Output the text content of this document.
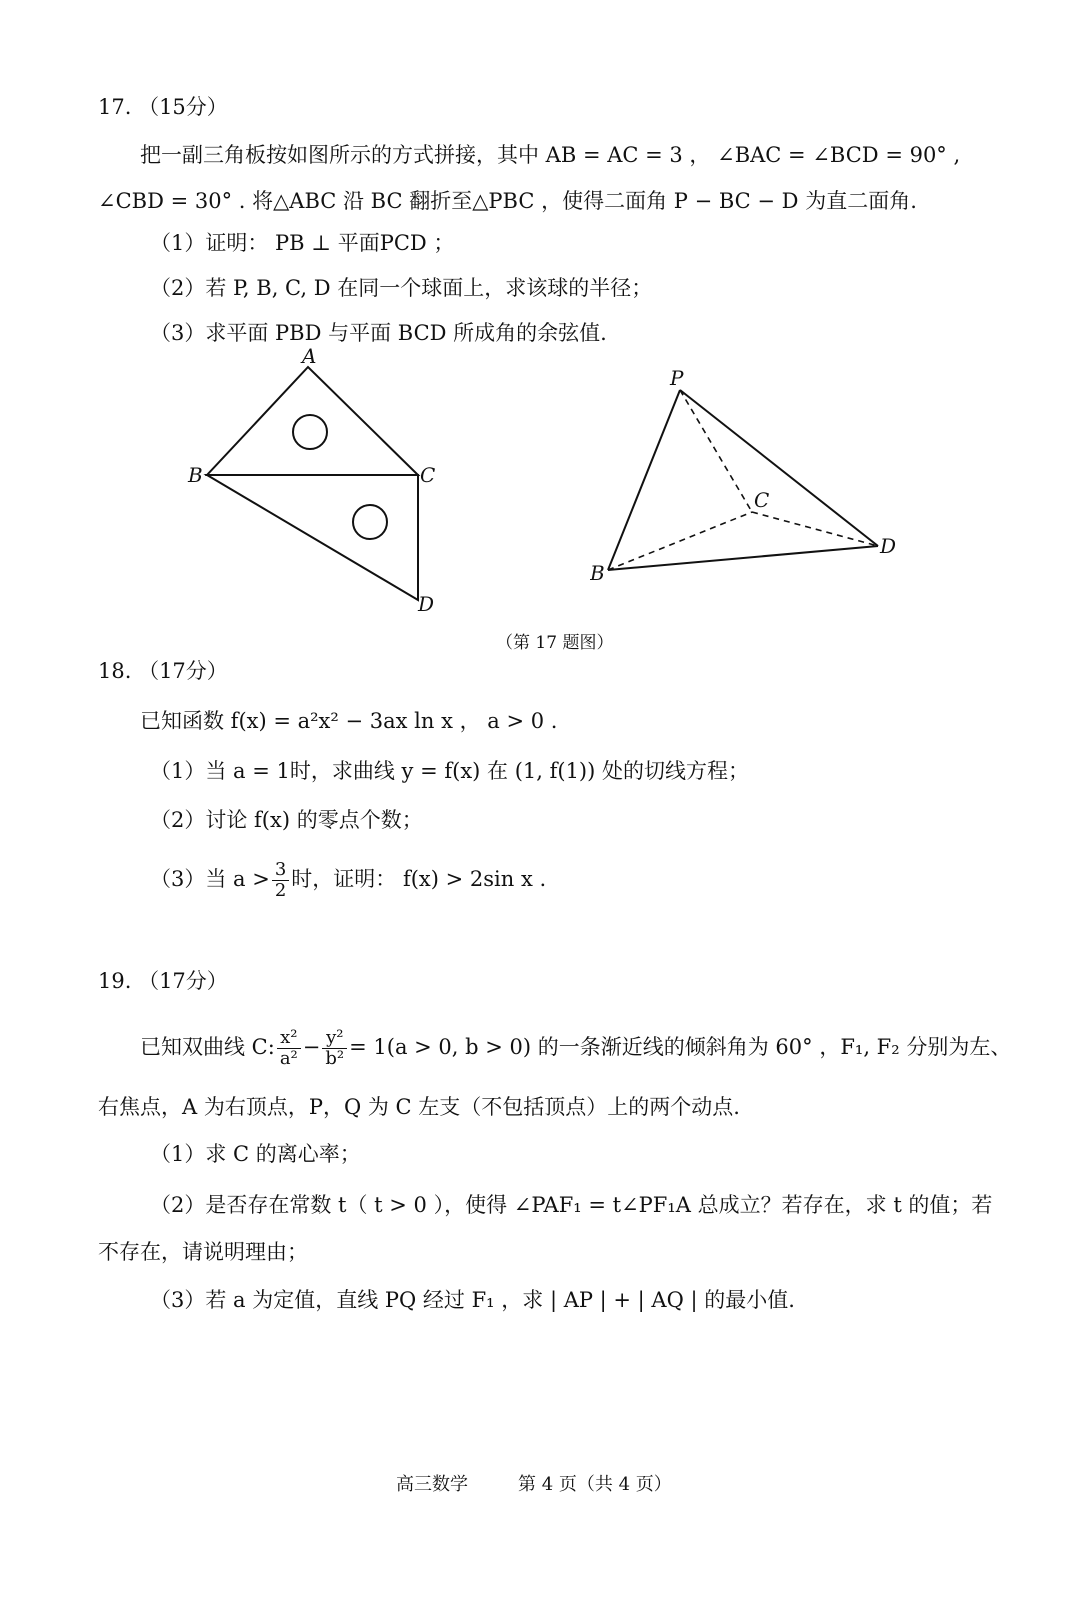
17. （15分）
把一副三角板按如图所示的方式拼接，其中 AB = AC = 3 ， ∠BAC = ∠BCD = 90° ,
∠CBD = 30° . 将△ABC 沿 BC 翻折至△PBC ，使得二面角 P − BC − D 为直二面角.
（1）证明： PB ⊥ 平面PCD ；
（2）若 P, B, C, D 在同一个球面上，求该球的半径；
（3）求平面 PBD 与平面 BCD 所成角的余弦值.
A
B	C
D
P
C
B
D
（第 17 题图）
18. （17分）
已知函数 f(x) = a²x² − 3ax ln x ， a > 0 .
（1）当 a = 1时，求曲线 y = f(x) 在 (1, f(1)) 处的切线方程；
（2）讨论 f(x) 的零点个数；
（3）当 $a > \frac{3}{2}$ 时，证明： f(x) > 2sin x .
19. （17分）
已知双曲线 C: $\frac{\text{x²}}{\text{a²}} - \frac{\text{y²}}{\text{b²}} = 1(a > 0$, b > 0) 的一条渐近线的倾斜角为 60° ，F₁, F₂ 分别为左、
右焦点，A 为右顶点，P，Q 为 C 左支（不包括顶点）上的两个动点.
（1）求 C 的离心率；
（2）是否存在常数 t（ t > 0 ），使得 ∠PAF₁ = t∠PF₁A 总成立？若存在，求 t 的值；若
不存在，请说明理由；
（3）若 a 为定值，直线 PQ 经过 F₁ ，求 | AP | + | AQ | 的最小值.
高三数学	第 4 页（共 4 页）
